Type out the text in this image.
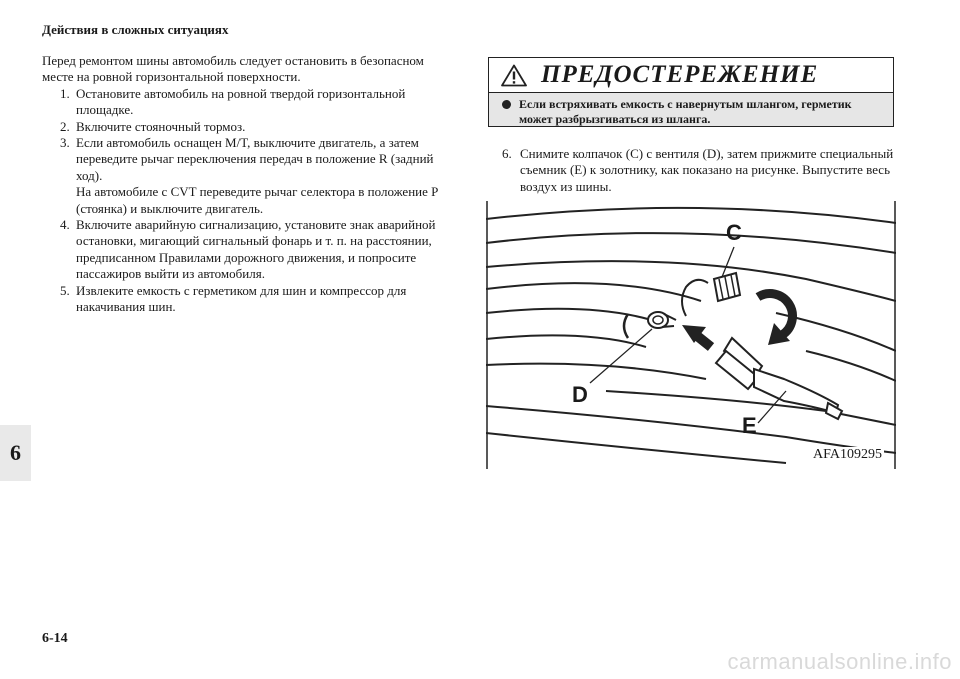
Действия в сложных ситуациях
6

Перед ремонтом шины автомобиль следует остановить в безопасном месте на ровной горизонтальной поверхности.

1. Остановите автомобиль на ровной твердой горизонтальной площадке.
2. Включите стояночный тормоз.
3. Если автомобиль оснащен M/T, выключите двигатель, а затем переведите рычаг переключения передач в положение R (задний ход).
На автомобиле с CVT переведите рычаг селектора в положение P (стоянка) и выключите двигатель.
4. Включите аварийную сигнализацию, установите знак аварийной остановки, мигающий сигнальный фонарь и т. п. на расстоянии, предписанном Правилами дорожного движения, и попросите пассажиров выйти из автомобиля.
5. Извлеките емкость с герметиком для шин и компрессор для накачивания шин.
ПРЕДОСТЕРЕЖЕНИЕ
Если встряхивать емкость с навернутым шлангом, герметик может разбрызгиваться из шланга.
6. Снимите колпачок (C) с вентиля (D), затем прижмите специальный съемник (E) к золотнику, как показано на рисунке. Выпустите весь воздух из шины.
C
D
E
AFA109295
6-14
carmanualsonline.info
